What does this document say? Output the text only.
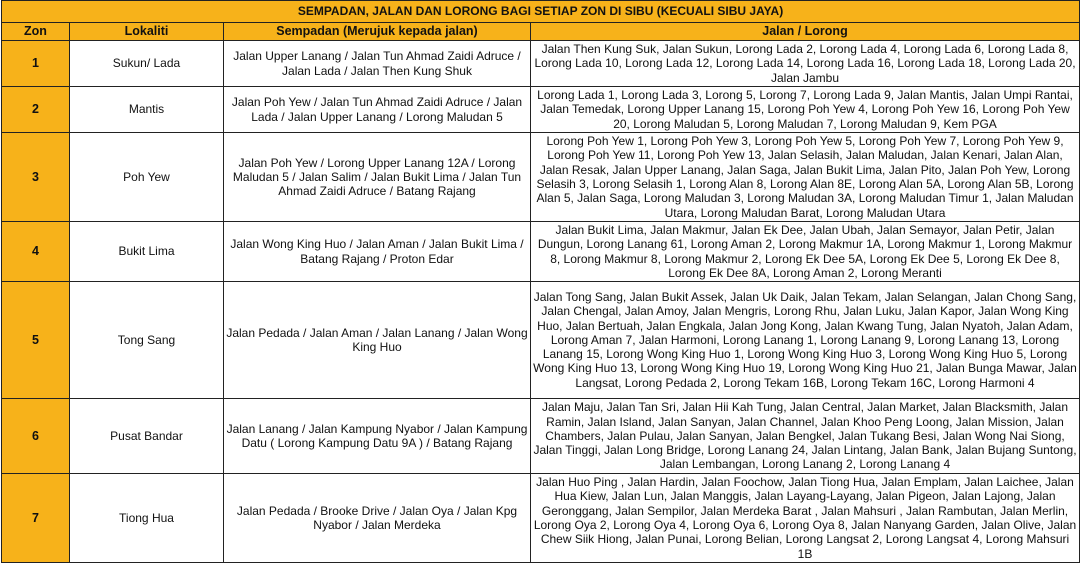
SEMPADAN, JALAN DAN LORONG BAGI SETIAP ZON DI SIBU (KECUALI SIBU JAYA)			
Zon	Lokaliti	Sempadan (Merujuk kepada jalan)	Jalan / Lorong
1	Sukun/ Lada	Jalan Upper Lanang / Jalan Tun Ahmad Zaidi Adruce / Jalan Lada / Jalan Then Kung Shuk	Jalan Then Kung Suk, Jalan Sukun, Lorong Lada 2, Lorong Lada 4, Lorong Lada 6, Lorong Lada 8, Lorong Lada 10, Lorong Lada 12, Lorong Lada 14, Lorong Lada 16, Lorong Lada 18, Lorong Lada 20, Jalan Jambu
2	Mantis	Jalan Poh Yew / Jalan Tun Ahmad Zaidi Adruce / Jalan Lada / Jalan Upper Lanang / Lorong Maludan 5	Lorong Lada 1, Lorong Lada 3, Lorong 5, Lorong 7, Lorong Lada 9, Jalan Mantis, Jalan Umpi Rantai, Jalan Temedak, Lorong Upper Lanang 15, Lorong Poh Yew 4, Lorong Poh Yew 16, Lorong Poh Yew 20, Lorong Maludan 5, Lorong Maludan 7, Lorong Maludan 9, Kem PGA
3	Poh Yew	Jalan Poh Yew / Lorong Upper Lanang 12A / Lorong Maludan 5 / Jalan Salim / Jalan Bukit Lima / Jalan Tun Ahmad Zaidi Adruce / Batang Rajang	Lorong Poh Yew 1, Lorong Poh Yew 3, Lorong Poh Yew 5, Lorong Poh Yew 7, Lorong Poh Yew 9, Lorong Poh Yew 11, Lorong Poh Yew 13, Jalan Selasih, Jalan Maludan, Jalan Kenari, Jalan Alan, Jalan Resak, Jalan Upper Lanang, Jalan Saga, Jalan Bukit Lima, Jalan Pito, Jalan Poh Yew, Lorong Selasih 3, Lorong Selasih 1, Lorong Alan 8, Lorong Alan 8E, Lorong Alan 5A, Lorong Alan 5B, Lorong Alan 5, Jalan Saga, Lorong Maludan 3, Lorong Maludan 3A, Lorong Maludan Timur 1, Jalan Maludan Utara, Lorong Maludan Barat, Lorong Maludan Utara
4	Bukit Lima	Jalan Wong King Huo / Jalan Aman / Jalan Bukit Lima / Batang Rajang / Proton Edar	Jalan Bukit Lima, Jalan Makmur, Jalan Ek Dee, Jalan Ubah, Jalan Semayor, Jalan Petir, Jalan Dungun, Lorong Lanang 61, Lorong Aman 2, Lorong Makmur 1A, Lorong Makmur 1, Lorong Makmur 8, Lorong Makmur 8, Lorong Makmur 2, Lorong Ek Dee 5A, Lorong Ek Dee 5, Lorong Ek Dee 8, Lorong Ek Dee 8A, Lorong Aman 2, Lorong Meranti
5	Tong Sang	Jalan Pedada / Jalan Aman / Jalan Lanang / Jalan Wong King Huo	Jalan Tong Sang, Jalan Bukit Assek, Jalan Uk Daik, Jalan Tekam, Jalan Selangan, Jalan Chong Sang, Jalan Chengal, Jalan Amoy, Jalan Mengris, Lorong Rhu, Jalan Luku, Jalan Kapor, Jalan Wong King Huo, Jalan Bertuah, Jalan Engkala, Jalan Jong Kong, Jalan Kwang Tung, Jalan Nyatoh, Jalan Adam, Lorong Aman 7, Jalan Harmoni, Lorong Lanang 1, Lorong Lanang 9, Lorong Lanang 13, Lorong Lanang 15, Lorong Wong King Huo 1, Lorong Wong King Huo 3, Lorong Wong King Huo 5, Lorong Wong King Huo 13, Lorong Wong King Huo 19, Lorong Wong King Huo 21, Jalan Bunga Mawar, Jalan Langsat, Lorong Pedada 2, Lorong Tekam 16B, Lorong Tekam 16C, Lorong Harmoni 4
6	Pusat Bandar	Jalan Lanang / Jalan Kampung Nyabor / Jalan Kampung Datu ( Lorong Kampung Datu 9A ) / Batang Rajang	Jalan Maju, Jalan Tan Sri, Jalan Hii Kah Tung, Jalan Central, Jalan Market, Jalan Blacksmith, Jalan Ramin, Jalan Island, Jalan Sanyan, Jalan Channel, Jalan Khoo Peng Loong, Jalan Mission, Jalan Chambers, Jalan Pulau, Jalan Sanyan, Jalan Bengkel, Jalan Tukang Besi, Jalan Wong Nai Siong, Jalan Tinggi, Jalan Long Bridge, Lorong Lanang 24, Jalan Lintang, Jalan Bank, Jalan Bujang Suntong, Jalan Lembangan, Lorong Lanang 2, Lorong Lanang 4
7	Tiong Hua	Jalan Pedada / Brooke Drive / Jalan Oya / Jalan Kpg Nyabor / Jalan Merdeka	Jalan Huo Ping , Jalan Hardin, Jalan Foochow, Jalan Tiong Hua, Jalan Emplam, Jalan Laichee, Jalan Hua Kiew, Jalan Lun, Jalan Manggis, Jalan Layang-Layang, Jalan Pigeon, Jalan Lajong, Jalan Geronggang, Jalan Sempilor, Jalan Merdeka Barat , Jalan Mahsuri , Jalan Rambutan, Jalan Merlin, Lorong Oya 2, Lorong Oya 4, Lorong Oya 6, Lorong Oya 8, Jalan Nanyang Garden, Jalan Olive, Jalan Chew Siik Hiong, Jalan Punai, Lorong Belian, Lorong Langsat 2, Lorong Langsat 4, Lorong Mahsuri 1B
